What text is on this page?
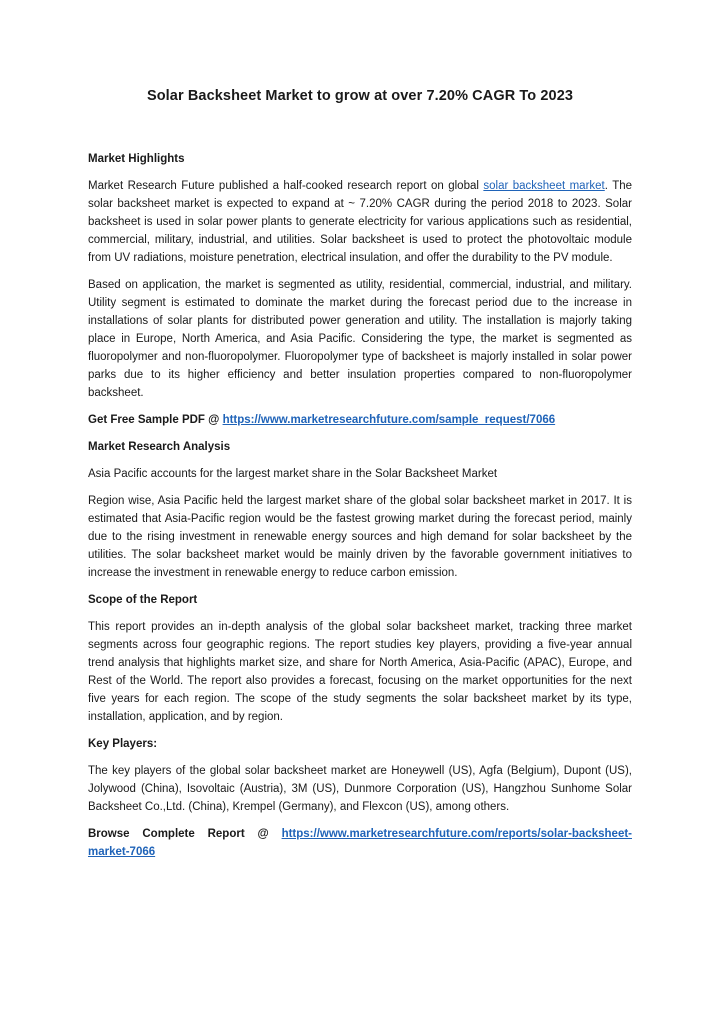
Solar Backsheet Market to grow at over 7.20% CAGR To 2023
Market Highlights

Market Research Future published a half-cooked research report on global solar backsheet market. The solar backsheet market is expected to expand at ~ 7.20% CAGR during the period 2018 to 2023. Solar backsheet is used in solar power plants to generate electricity for various applications such as residential, commercial, military, industrial, and utilities. Solar backsheet is used to protect the photovoltaic module from UV radiations, moisture penetration, electrical insulation, and offer the durability to the PV module.

Based on application, the market is segmented as utility, residential, commercial, industrial, and military. Utility segment is estimated to dominate the market during the forecast period due to the increase in installations of solar plants for distributed power generation and utility. The installation is majorly taking place in Europe, North America, and Asia Pacific. Considering the type, the market is segmented as fluoropolymer and non-fluoropolymer. Fluoropolymer type of backsheet is majorly installed in solar power parks due to its higher efficiency and better insulation properties compared to non-fluoropolymer backsheet.

Get Free Sample PDF @ https://www.marketresearchfuture.com/sample_request/7066

Market Research Analysis

Asia Pacific accounts for the largest market share in the Solar Backsheet Market

Region wise, Asia Pacific held the largest market share of the global solar backsheet market in 2017. It is estimated that Asia-Pacific region would be the fastest growing market during the forecast period, mainly due to the rising investment in renewable energy sources and high demand for solar backsheet by the utilities. The solar backsheet market would be mainly driven by the favorable government initiatives to increase the investment in renewable energy to reduce carbon emission.

Scope of the Report

This report provides an in-depth analysis of the global solar backsheet market, tracking three market segments across four geographic regions. The report studies key players, providing a five-year annual trend analysis that highlights market size, and share for North America, Asia-Pacific (APAC), Europe, and Rest of the World. The report also provides a forecast, focusing on the market opportunities for the next five years for each region. The scope of the study segments the solar backsheet market by its type, installation, application, and by region.

Key Players:

The key players of the global solar backsheet market are Honeywell (US), Agfa (Belgium), Dupont (US), Jolywood (China), Isovoltaic (Austria), 3M (US), Dunmore Corporation (US), Hangzhou Sunhome Solar Backsheet Co.,Ltd. (China), Krempel (Germany), and Flexcon (US), among others.

Browse Complete Report @ https://www.marketresearchfuture.com/reports/solar-backsheet-market-7066
